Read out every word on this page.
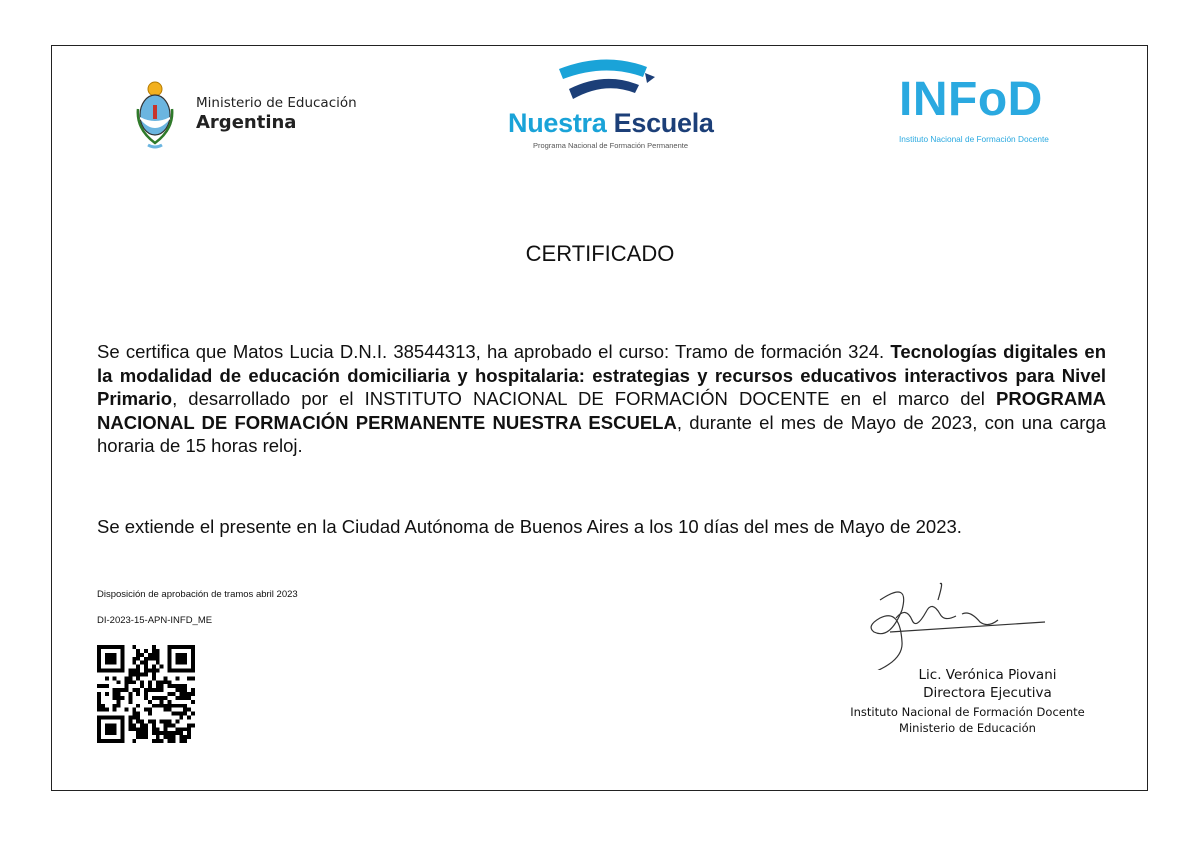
Ministerio de Educación
Argentina	Nuestra Escuela
Programa Nacional de Formación Permanente
INFoD
Instituto Nacional de Formación Docente
CERTIFICADO
Se certifica que Matos Lucia D.N.I. 38544313, ha aprobado el curso: Tramo de formación 324. Tecnologías digitales en la modalidad de educación domiciliaria y hospitalaria: estrategias y recursos educativos interactivos para Nivel Primario, desarrollado por el INSTITUTO NACIONAL DE FORMACIÓN DOCENTE en el marco del PROGRAMA NACIONAL DE FORMACIÓN PERMANENTE NUESTRA ESCUELA, durante el mes de Mayo de 2023, con una carga horaria de 15 horas reloj.
Se extiende el presente en la Ciudad Autónoma de Buenos Aires a los 10 días del mes de Mayo de 2023.
Disposición de aprobación de tramos abril 2023
DI-2023-15-APN-INFD_ME
Lic. Verónica Piovani
Directora Ejecutiva
Instituto Nacional de Formación Docente
Ministerio de Educación
